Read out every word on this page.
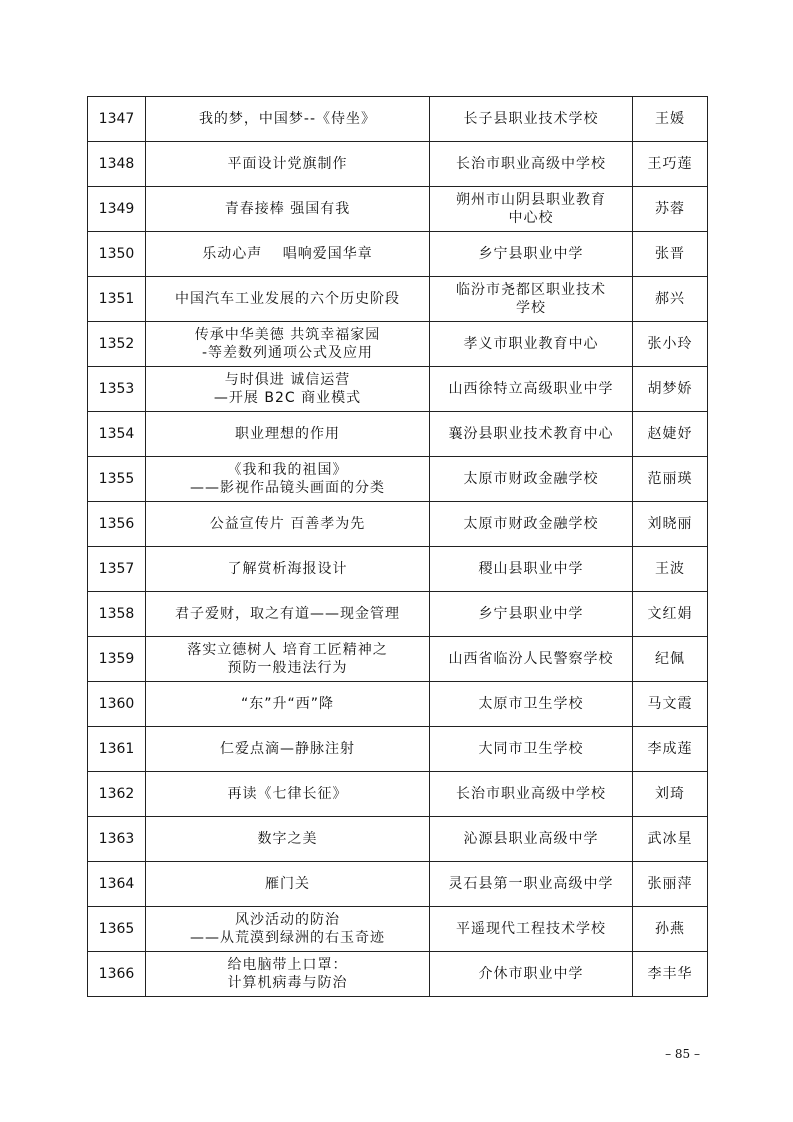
1347	我的梦，中国梦--《侍坐》	长子县职业技术学校	王媛
1348	平面设计党旗制作	长治市职业高级中学校	王巧莲
1349	青春接棒 强国有我	朔州市山阴县职业教育
中心校	苏蓉
1350	乐动心声　 唱响爱国华章	乡宁县职业中学	张晋
1351	中国汽车工业发展的六个历史阶段	临汾市尧都区职业技术
学校	郝兴
1352	传承中华美德 共筑幸福家园
-等差数列通项公式及应用	孝义市职业教育中心	张小玲
1353	与时俱进 诚信运营
—开展 B2C 商业模式	山西徐特立高级职业中学	胡梦娇
1354	职业理想的作用	襄汾县职业技术教育中心	赵婕妤
1355	《我和我的祖国》
——影视作品镜头画面的分类	太原市财政金融学校	范丽瑛
1356	公益宣传片 百善孝为先	太原市财政金融学校	刘晓丽
1357	了解赏析海报设计	稷山县职业中学	王波
1358	君子爱财，取之有道——现金管理	乡宁县职业中学	文红娟
1359	落实立德树人 培育工匠精神之
预防一般违法行为	山西省临汾人民警察学校	纪佩
1360	“东”升“西”降	太原市卫生学校	马文霞
1361	仁爱点滴—静脉注射	大同市卫生学校	李成莲
1362	再读《七律长征》	长治市职业高级中学校	刘琦
1363	数字之美	沁源县职业高级中学	武冰星
1364	雁门关	灵石县第一职业高级中学	张丽萍
1365	风沙活动的防治
——从荒漠到绿洲的右玉奇迹	平遥现代工程技术学校	孙燕
1366	给电脑带上口罩：
计算机病毒与防治	介休市职业中学	李丰华
– 85 –
